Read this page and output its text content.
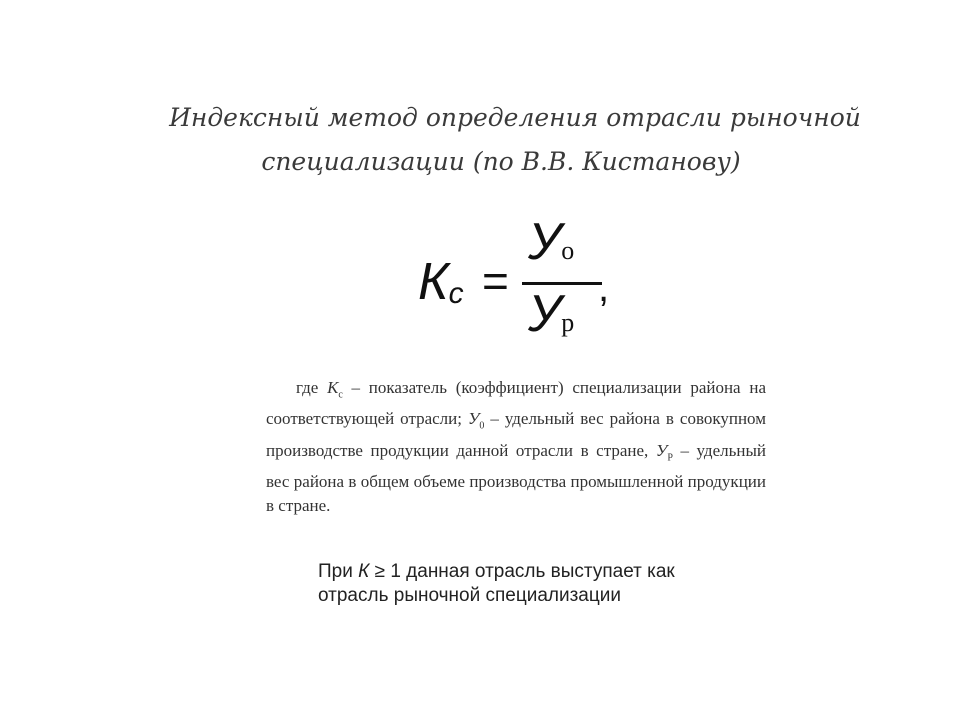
Индексный метод определения отрасли рыночной
специализации (по В.В. Кистанову)
$К_с$ =
Уо
Ур
,

где $К_с$ – показатель (коэффициент) специализации района на соответствующей отрасли; $У_0$ – удельный вес района в совокупном производстве продукции данной отрасли в стране, $У_Р$ – удельный вес района в общем объеме производства промышленной продукции в стране.

При К ≥ 1 данная отрасль выступает как отрасль рыночной специализации
